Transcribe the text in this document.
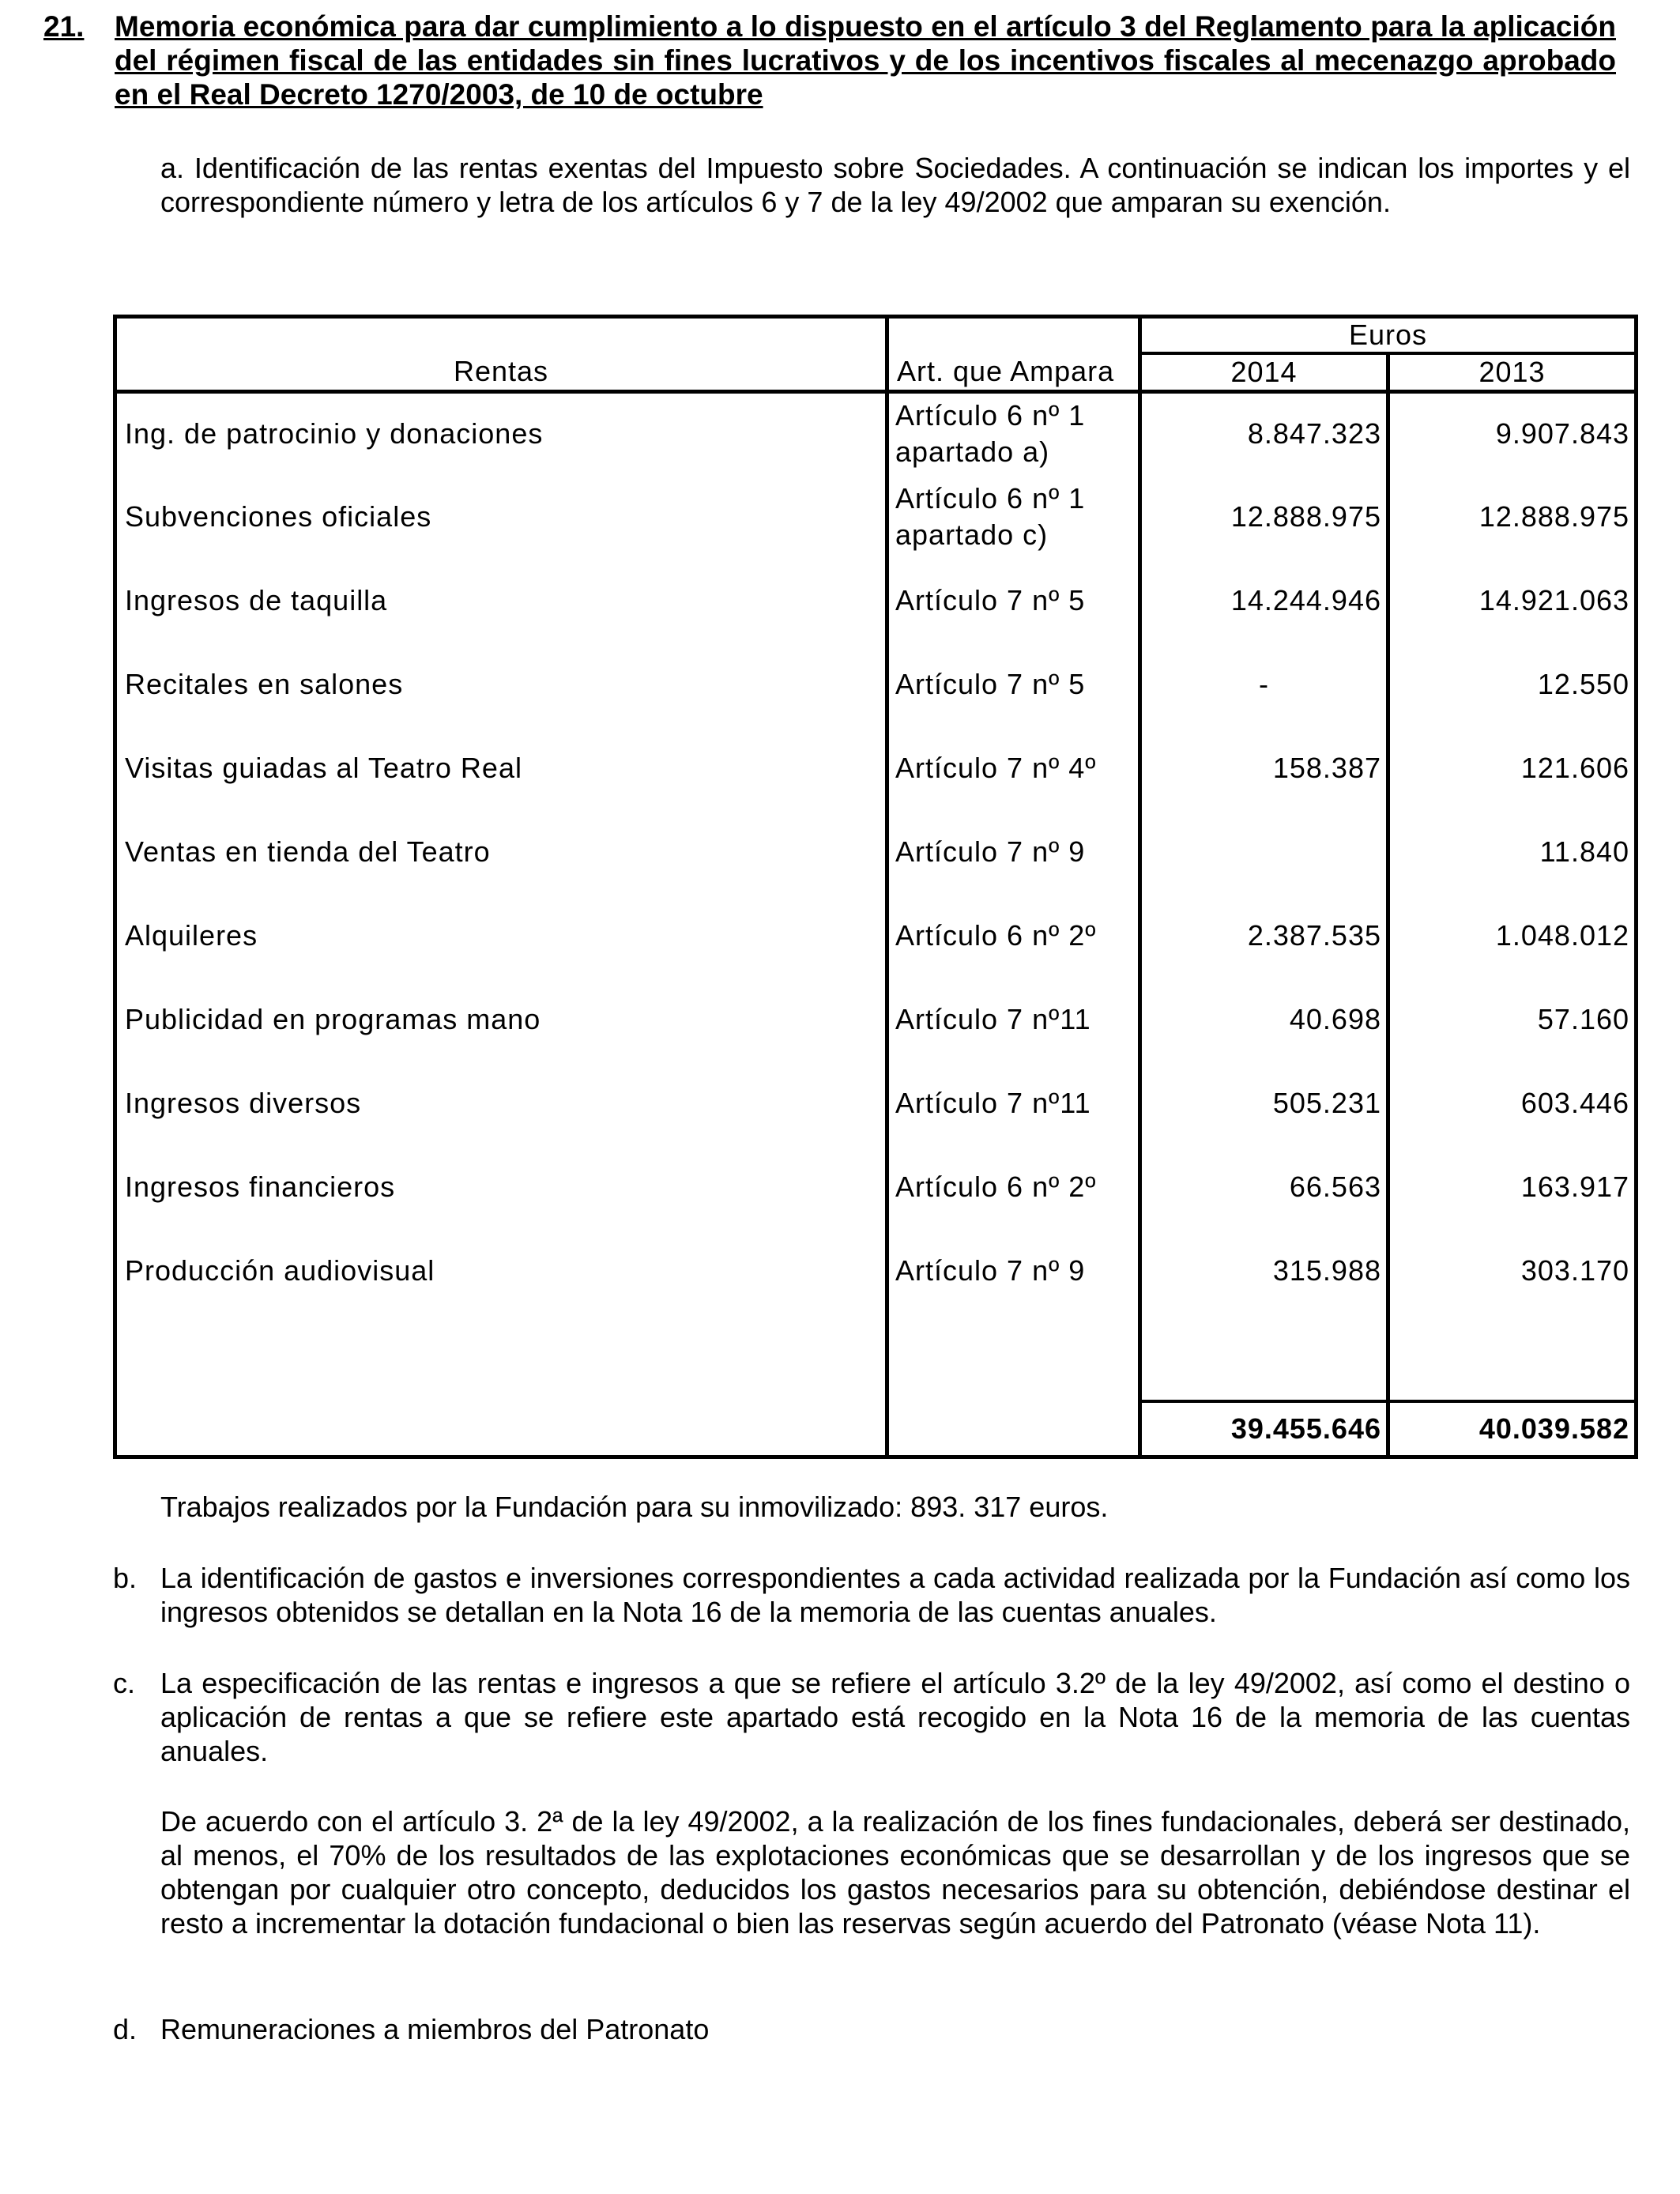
21. Memoria económica para dar cumplimiento a lo dispuesto en el artículo 3 del Reglamento para la aplicación del régimen fiscal de las entidades sin fines lucrativos y de los incentivos fiscales al mecenazgo aprobado en el Real Decreto 1270/2003, de 10 de octubre
a. Identificación de las rentas exentas del Impuesto sobre Sociedades. A continuación se indican los importes y el correspondiente número y letra de los artículos 6 y 7 de la ley 49/2002 que amparan su exención.
		Euros	
Rentas	Art. que Ampara	2014	2013
Ing. de patrocinio y donaciones	Artículo 6 nº 1
apartado a)	8.847.323	9.907.843
Subvenciones oficiales	Artículo 6 nº 1
apartado c)	12.888.975	12.888.975
Ingresos de taquilla	Artículo 7 nº 5	14.244.946	14.921.063
Recitales en salones	Artículo 7 nº 5	-	12.550
Visitas guiadas al Teatro Real	Artículo 7 nº 4º	158.387	121.606
Ventas en tienda del Teatro	Artículo 7 nº 9		11.840
Alquileres	Artículo 6 nº 2º	2.387.535	1.048.012
Publicidad en programas mano	Artículo 7 nº11	40.698	57.160
Ingresos diversos	Artículo 7 nº11	505.231	603.446
Ingresos financieros	Artículo 6 nº 2º	66.563	163.917
Producción audiovisual	Artículo 7 nº 9	315.988	303.170

		39.455.646	40.039.582
Trabajos realizados por la Fundación para su inmovilizado: 893. 317 euros.
b. La identificación de gastos e inversiones correspondientes a cada actividad realizada por la Fundación así como los ingresos obtenidos se detallan en la Nota 16 de la memoria de las cuentas anuales.
c. La especificación de las rentas e ingresos a que se refiere el artículo 3.2º de la ley 49/2002, así como el destino o aplicación de rentas a que se refiere este apartado está recogido en la Nota 16 de la memoria de las cuentas anuales.
De acuerdo con el artículo 3. 2ª de la ley 49/2002, a la realización de los fines fundacionales, deberá ser destinado, al menos, el 70% de los resultados de las explotaciones económicas que se desarrollan y de los ingresos que se obtengan por cualquier otro concepto, deducidos los gastos necesarios para su obtención, debiéndose destinar el resto a incrementar la dotación fundacional o bien las reservas según acuerdo del Patronato (véase Nota 11).
d. Remuneraciones a miembros del Patronato
